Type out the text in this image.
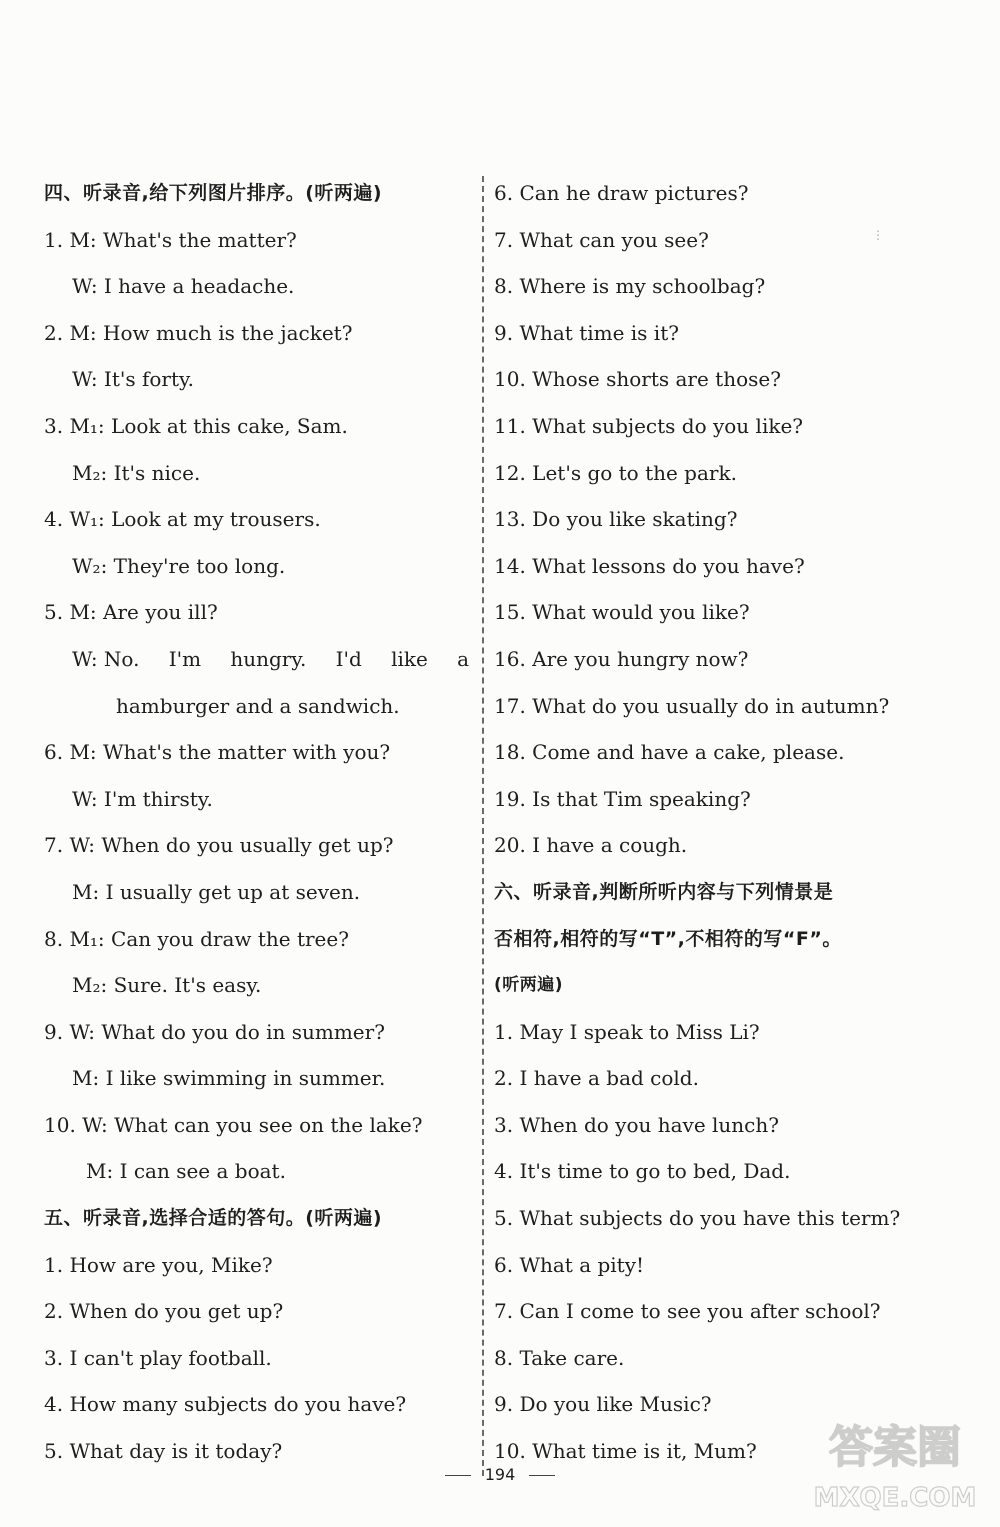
⋮
四、听录音,给下列图片排序。(听两遍)
1. M: What's the matter?
W: I have a headache.
2. M: How much is the jacket?
W: It's forty.
3. M₁: Look at this cake, Sam.
M₂: It's nice.
4. W₁: Look at my trousers.
W₂: They're too long.
5. M: Are you ill?
W: No. I'm hungry. I'd like a
hamburger and a sandwich.
6. M: What's the matter with you?
W: I'm thirsty.
7. W: When do you usually get up?
M: I usually get up at seven.
8. M₁: Can you draw the tree?
M₂: Sure. It's easy.
9. W: What do you do in summer?
M: I like swimming in summer.
10. W: What can you see on the lake?
M: I can see a boat.
五、听录音,选择合适的答句。(听两遍)
1. How are you, Mike?
2. When do you get up?
3. I can't play football.
4. How many subjects do you have?
5. What day is it today?
6. Can he draw pictures?
7. What can you see?
8. Where is my schoolbag?
9. What time is it?
10. Whose shorts are those?
11. What subjects do you like?
12. Let's go to the park.
13. Do you like skating?
14. What lessons do you have?
15. What would you like?
16. Are you hungry now?
17. What do you usually do in autumn?
18. Come and have a cake, please.
19. Is that Tim speaking?
20. I have a cough.
六、听录音,判断所听内容与下列情景是
否相符,相符的写“T”,不相符的写“F”。
(听两遍)
1. May I speak to Miss Li?
2. I have a bad cold.
3. When do you have lunch?
4. It's time to go to bed, Dad.
5. What subjects do you have this term?
6. What a pity!
7. Can I come to see you after school?
8. Take care.
9. Do you like Music?
10. What time is it, Mum?
194
答案圈
MXQE.COM
